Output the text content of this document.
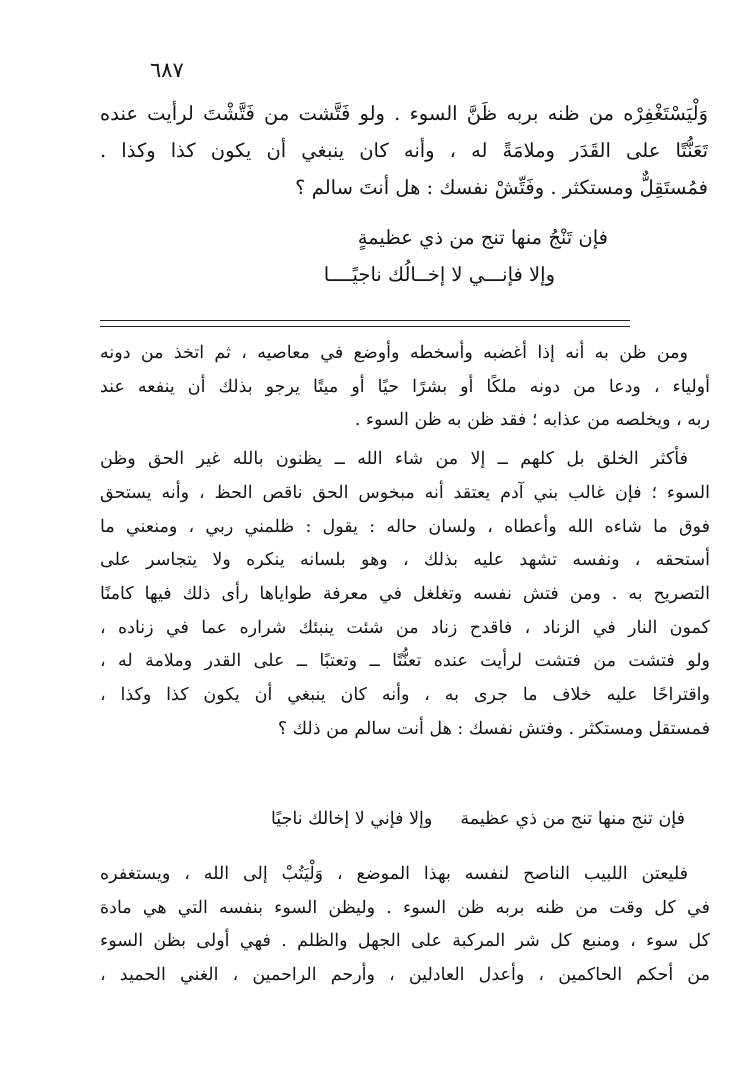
٦٨٧

وَلْيَسْتَغْفِرْه من ظنه بربه ظَنَّ السوء . ولو فَتَّشت من فَتَّشْتَ لرأيت عنده

تَعَنُّتًا على القَدَر وملامَةً له ، وأنه كان ينبغي أن يكون كذا وكذا .

فمُستَقِلٌّ ومستكثر . وفَتِّشْ نفسك : هل أنتَ سالم ؟

فإن تَنْجُ منها تنج من ذي عظيمةٍ
وإلا فإنـــي لا إخــالُك ناجيًــــا

ومن ظن به أنه إذا أغضبه وأسخطه وأوضع في معاصيه ، ثم اتخذ من دونه

أولياء ، ودعا من دونه ملكًا أو بشرًا حيًا أو ميتًا يرجو بذلك أن ينفعه عند

ربه ، ويخلصه من عذابه ؛ فقد ظن به ظن السوء .

فأكثر الخلق بل كلهم ــ إلا من شاء الله ــ يظنون بالله غير الحق وظن

السوء ؛ فإن غالب بني آدم يعتقد أنه مبخوس الحق ناقص الحظ ، وأنه يستحق

فوق ما شاءه الله وأعطاه ، ولسان حاله : يقول : ظلمني ربي ، ومنعني ما

أستحقه ، ونفسه تشهد عليه بذلك ، وهو بلسانه ينكره ولا يتجاسر على

التصريح به . ومن فتش نفسه وتغلغل في معرفة طواياها رأى ذلك فيها كامنًا

كمون النار في الزناد ، فاقدح زناد من شئت ينبئك شراره عما في زناده ،

ولو فتشت من فتشت لرأيت عنده تعنُّتًا ــ وتعتبًا ــ على القدر وملامة له ،

واقتراحًا عليه خلاف ما جرى به ، وأنه كان ينبغي أن يكون كذا وكذا ،

فمستقل ومستكثر . وفتش نفسك : هل أنت سالم من ذلك ؟

فإن تنج منها تنج من ذي عظيمة
وإلا فإني لا إخالك ناجيًا

فليعتن اللبيب الناصح لنفسه بهذا الموضع ، وَلْيَتُبْ إلى الله ، ويستغفره

في كل وقت من ظنه بربه ظن السوء . وليظن السوء بنفسه التي هي مادة

كل سوء ، ومنبع كل شر المركبة على الجهل والظلم . فهي أولى بظن السوء

من أحكم الحاكمين ، وأعدل العادلين ، وأرحم الراحمين ، الغني الحميد ،
